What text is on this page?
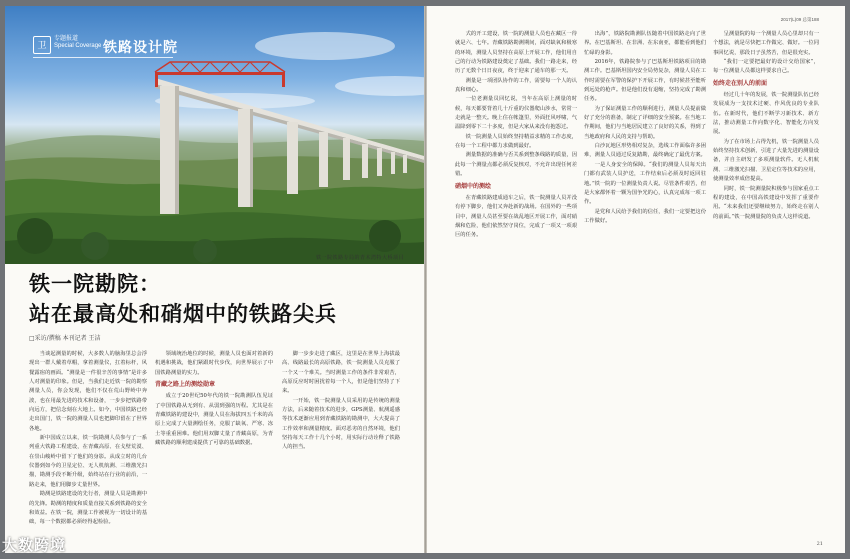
卫
专题报道
Special Coverage 铁路设计院
铁一院铁路专局的青木湾特大桥项目
铁一院勘院：
站在最高处和硝烟中的铁路尖兵
□采访/撰稿 本刊记者 王洁

当谈起测量的时候，大多数人的脑海里总会浮现出一群人戴着草帽，拿着测量仪，扛着标杆，风餐露宿的画面。“测量是一件很辛苦的事情”是许多人对测量的印象。但是，当我们走近铁一院的勘察测量人员，你会发现，他们不仅在荒山野岭中奔波，也在用最先进的技术和设备，一步步把铁路带向远方，把信念刻在大地上。如今，中国铁路已经走出国门，铁一院的测量人员也把脚印留在了世界各地。

新中国成立以来，铁一院勘测人员参与了一系列重大铁路工程建设，在青藏高原、在戈壁荒漠、在崇山峻岭中留下了他们的身影。从成立时的几台仪器到如今的卫星定位、无人机航测、三维激光扫描，勘测手段不断升级，始终站在行业的前沿，一路走来，他们用脚步丈量世界。

勘测是铁路建设的先行者，测量人员是勘测中的先锋。勘测的精度和质量直接关系到铁路的安全和效益。在铁一院，测量工作被视为一切设计的基础，每一个数据都必须经得起检验。

领域统治地位的时候，测量人员也面对着新的机遇和挑战，他们紧跟时代步伐，向世界展示了中国铁路测量的实力。

青藏之路上的测绘勋章

成立于20世纪50年代的铁一院勘测队伍见证了中国铁路从无到有、从弱到强的历程。尤其是在青藏铁路的建设中，测量人员在海拔四五千米的高原上完成了大量测绘任务，克服了缺氧、严寒、冻土等重重困难。他们用双脚丈量了青藏高原，为青藏铁路的顺利建成提供了可靠的基础数据。

脚一步步走进了藏区，这里是在世界上海拔最高、线路最长的高原铁路，铁一院测量人员克服了一个又一个难关。当时测量工作的条件非常艰苦，高原反应时时困扰着每一个人，但是他们坚持了下来。

一开始，铁一院测量人员采用的是传统的测量方法，后来随着技术的进步，GPS测量、航测遥感等技术逐渐应用到青藏铁路的勘测中，大大提高了工作效率和测量精度。面对恶劣的自然环境，他们坚持每天工作十几个小时，用实际行动诠释了铁路人的担当。

2017(L)09 总第188

式的开工建设，铁一院的测量人员也在藏区一待就是六、七年。青藏铁路勘测期间，面对缺氧和极寒的环境，测量人员坚持在高原上开展工作，他们用自己的行动为铁路建设奠定了基础。我们一路走来，经历了无数个日日夜夜，终于迎来了通车的那一天。

测量是一项团队协作的工作，需要每一个人的认真和细心。

一位老测量员回忆说，当年在高原上测量的时候，每天都要背着几十斤重的仪器爬山涉水，常常一走就是一整天。晚上住在帐篷里，外面狂风呼啸，气温降到零下二十多度，但是大家从来没有抱怨过。

铁一院测量人员始终坚持精益求精的工作态度，在每一个工程中都力求做到最好。

测量数据的准确与否关系到整条线路的质量，因此每一个测量点都必须反复核对，不允许出现任何差错。

硝烟中的测绘

在青藏铁路建成通车之后，铁一院测量人员并没有停下脚步，他们又奔赴新的战场。在国外的一些项目中，测量人员甚至要在战乱地区开展工作，面对硝烟和危险，他们依然坚守岗位，完成了一项又一项艰巨的任务。

出海”，铁路院勘测队伍随着中国铁路走向了世界。在巴基斯坦、在非洲、在东南亚，都能看到他们忙碌的身影。

2016年，铁路院参与了巴基斯坦铁路项目的勘测工作。巴基斯坦国内安全局势复杂，测量人员在工作时需要在军警的保护下开展工作，有时候甚至能听到远处的枪声。但是他们没有退缩，坚持完成了勘测任务。

为了保证测量工作的顺利进行，测量人员提前做好了充分的准备，制定了详细的安全预案。在当地工作期间，他们与当地居民建立了良好的关系，得到了当地政府和人民的支持与帮助。

白沙瓦地区形势相对复杂，选线工作面临许多困难，测量人员通过反复踏勘，最终确定了最优方案。

一是人身安全的保障。“我们的测量人员每天出门都有武装人员护送，工作结束后必须及时返回驻地。”铁一院的一位测量负责人说。尽管条件艰苦，但是大家都怀着一颗为国争光的心，认真完成每一项工作。

是党和人民给予我们的信任，我们一定要把这份工作做好。

呈测量院的每一个测量人员心里却只有一个想法，就是尽快把工作做完、做好。一位同事回忆说，那段日子虽然苦，但是很充实。

“我们一定要把最好的设计交给国家”，每一位测量人员都这样要求自己。

始终走在别人的前面

经过几十年的发展，铁一院测量队伍已经发展成为一支技术过硬、作风优良的专业队伍。在新时代，他们不断学习新技术、新方法，推动测量工作向数字化、智能化方向发展。

为了在市场上占得先机，铁一院测量人员始终坚持技术创新，引进了大量先进的测量设备，并自主研发了多项测量软件。无人机航测、三维激光扫描、卫星定位等技术的应用，使测量效率成倍提高。

同时，铁一院测量院积极参与国家重点工程的建设，在中国高铁建设中发挥了重要作用。“未来我们还要继续努力，始终走在别人的前面。”铁一院测量院的负责人这样说道。

21
大数跨境
